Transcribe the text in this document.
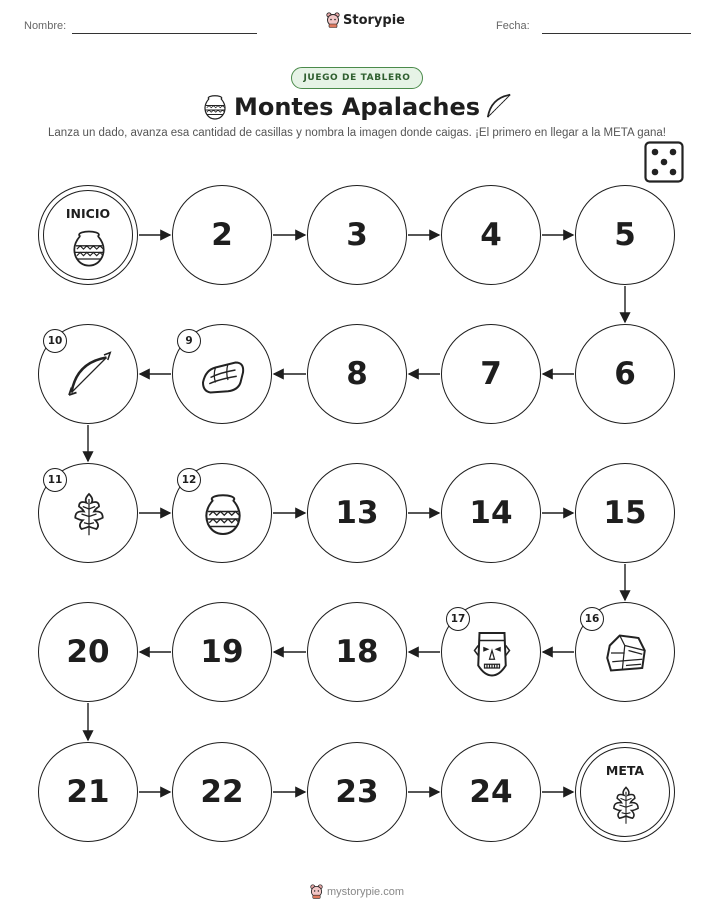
Nombre:	Storypie	Fecha:
JUEGO DE TABLERO
Montes Apalaches
Lanza un dado, avanza esa cantidad de casillas y nombra la imagen donde caigas. ¡El primero en llegar a la META gana!
INICIO
2	3	4	5
6
7
8
9
10
11	12
13	14	15
16
17
18
19
20
21	22	23	24
META
mystorypie.com
